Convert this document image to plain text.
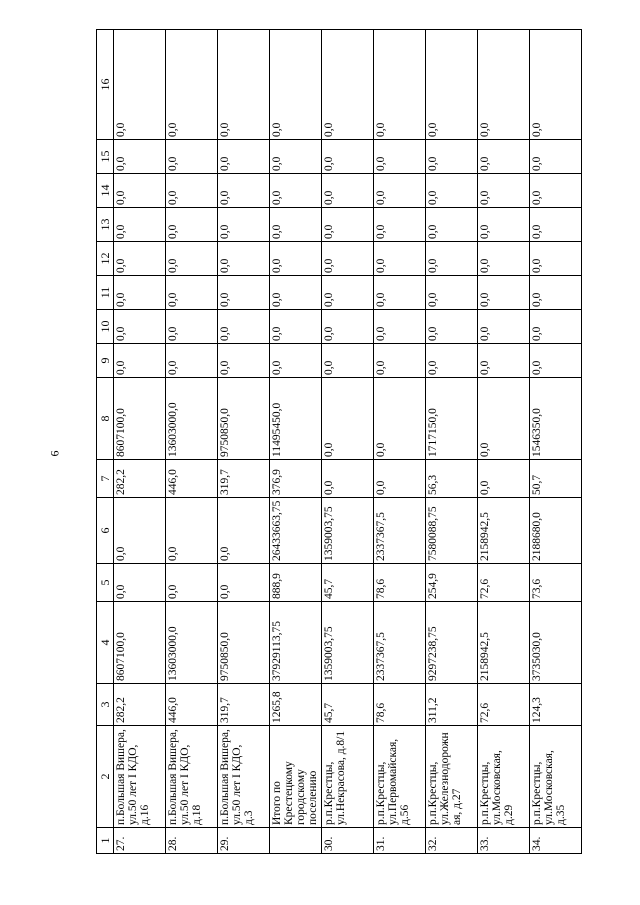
6
1	2	3	4	5	6	7	8	9	10	11	12	13	14	15	16
27.	п.Большая Вишера, ул.50 лет I КДО, д.16	282,2	8607100,0	0,0	0,0	282,2	8607100,0	0,0	0,0	0,0	0,0	0,0	0,0	0,0	0,0
28.	п.Большая Вишера, ул.50 лет I КДО, д.18	446,0	13603000,0	0,0	0,0	446,0	13603000,0	0,0	0,0	0,0	0,0	0,0	0,0	0,0	0,0
29.	п.Большая Вишера, ул.50 лет I КДО, д.3	319,7	9750850,0	0,0	0,0	319,7	9750850,0	0,0	0,0	0,0	0,0	0,0	0,0	0,0	0,0
	Итого по Крестецкому городскому поселению	1265,8	37929113,75	888,9	26433663,75	376,9	11495450,0	0,0	0,0	0,0	0,0	0,0	0,0	0,0	0,0
30.	р.п.Крестцы, ул.Некрасова, д.8/1	45,7	1359003,75	45,7	1359003,75	0,0	0,0	0,0	0,0	0,0	0,0	0,0	0,0	0,0	0,0
31.	р.п.Крестцы, ул.Первомайская, д.56	78,6	2337367,5	78,6	2337367,5	0,0	0,0	0,0	0,0	0,0	0,0	0,0	0,0	0,0	0,0
32.	р.п.Крестцы, ул.Железнодорожная, д.27	311,2	9297238,75	254,9	7580088,75	56,3	1717150,0	0,0	0,0	0,0	0,0	0,0	0,0	0,0	0,0
33.	р.п.Крестцы, ул.Московская, д.29	72,6	2158942,5	72,6	2158942,5	0,0	0,0	0,0	0,0	0,0	0,0	0,0	0,0	0,0	0,0
34.	р.п.Крестцы, ул.Московская, д.35	124,3	3735030,0	73,6	2188680,0	50,7	1546350,0	0,0	0,0	0,0	0,0	0,0	0,0	0,0	0,0
